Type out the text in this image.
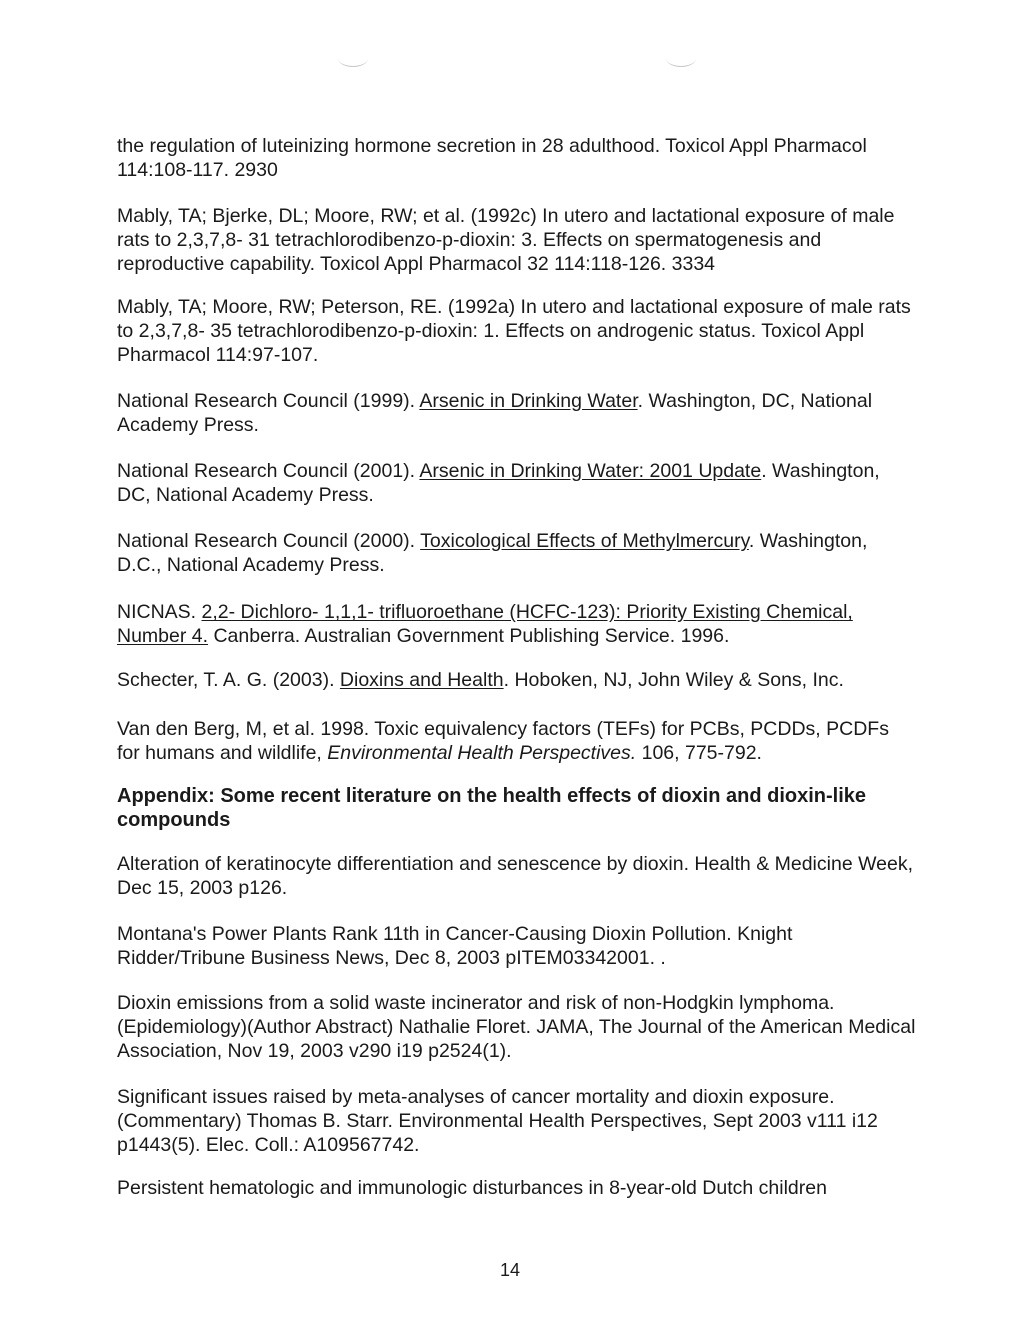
the regulation of luteinizing hormone secretion in 28 adulthood. Toxicol Appl Pharmacol 114:108-117. 2930

Mably, TA; Bjerke, DL; Moore, RW; et al. (1992c) In utero and lactational exposure of male rats to 2,3,7,8- 31 tetrachlorodibenzo-p-dioxin: 3. Effects on spermatogenesis and reproductive capability. Toxicol Appl Pharmacol 32 114:118-126. 3334

Mably, TA; Moore, RW; Peterson, RE. (1992a) In utero and lactational exposure of male rats to 2,3,7,8- 35 tetrachlorodibenzo-p-dioxin: 1. Effects on androgenic status. Toxicol Appl Pharmacol 114:97-107.

National Research Council (1999). Arsenic in Drinking Water. Washington, DC, National Academy Press.

National Research Council (2001). Arsenic in Drinking Water: 2001 Update. Washington, DC, National Academy Press.

National Research Council (2000). Toxicological Effects of Methylmercury. Washington, D.C., National Academy Press.

NICNAS. 2,2- Dichloro- 1,1,1- trifluoroethane (HCFC-123): Priority Existing Chemical, Number 4. Canberra. Australian Government Publishing Service. 1996.

Schecter, T. A. G. (2003). Dioxins and Health. Hoboken, NJ, John Wiley & Sons, Inc.

Van den Berg, M, et al. 1998. Toxic equivalency factors (TEFs) for PCBs, PCDDs, PCDFs for humans and wildlife, Environmental Health Perspectives. 106, 775-792.

Appendix: Some recent literature on the health effects of dioxin and dioxin-like compounds

Alteration of keratinocyte differentiation and senescence by dioxin. Health & Medicine Week, Dec 15, 2003 p126.

Montana's Power Plants Rank 11th in Cancer-Causing Dioxin Pollution. Knight Ridder/Tribune Business News, Dec 8, 2003 pITEM03342001. .

Dioxin emissions from a solid waste incinerator and risk of non-Hodgkin lymphoma.(Epidemiology)(Author Abstract) Nathalie Floret. JAMA, The Journal of the American Medical Association, Nov 19, 2003 v290 i19 p2524(1).

Significant issues raised by meta-analyses of cancer mortality and dioxin exposure.(Commentary) Thomas B. Starr. Environmental Health Perspectives, Sept 2003 v111 i12 p1443(5). Elec. Coll.: A109567742.

Persistent hematologic and immunologic disturbances in 8-year-old Dutch children

14
